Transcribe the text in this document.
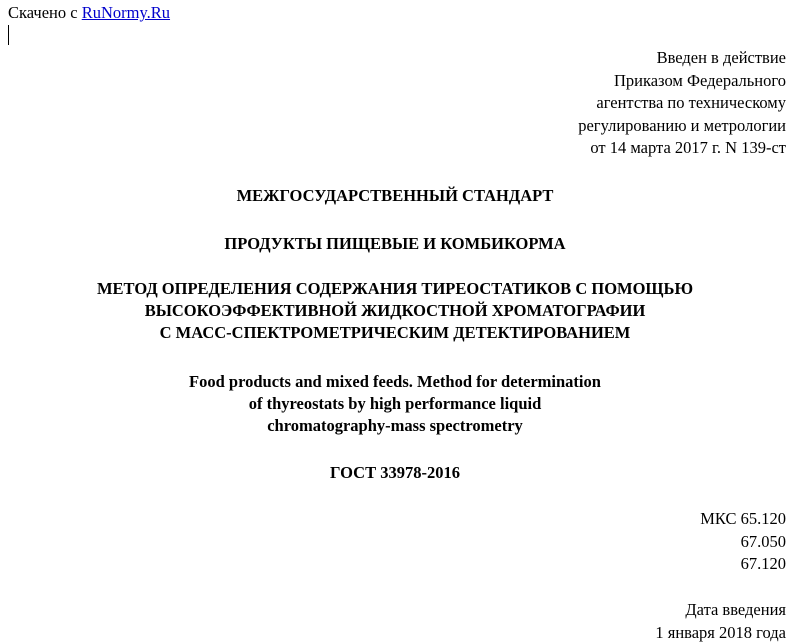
Скачено с RuNormy.Ru
Введен в действие
Приказом Федерального
агентства по техническому
регулированию и метрологии
от 14 марта 2017 г. N 139-ст
МЕЖГОСУДАРСТВЕННЫЙ СТАНДАРТ
ПРОДУКТЫ ПИЩЕВЫЕ И КОМБИКОРМА
МЕТОД ОПРЕДЕЛЕНИЯ СОДЕРЖАНИЯ ТИРЕОСТАТИКОВ С ПОМОЩЬЮ
ВЫСОКОЭФФЕКТИВНОЙ ЖИДКОСТНОЙ ХРОМАТОГРАФИИ
С МАСС-СПЕКТРОМЕТРИЧЕСКИМ ДЕТЕКТИРОВАНИЕМ
Food products and mixed feeds. Method for determination
of thyreostats by high performance liquid
chromatography-mass spectrometry
ГОСТ 33978-2016
МКС 65.120
67.050
67.120
Дата введения
1 января 2018 года
